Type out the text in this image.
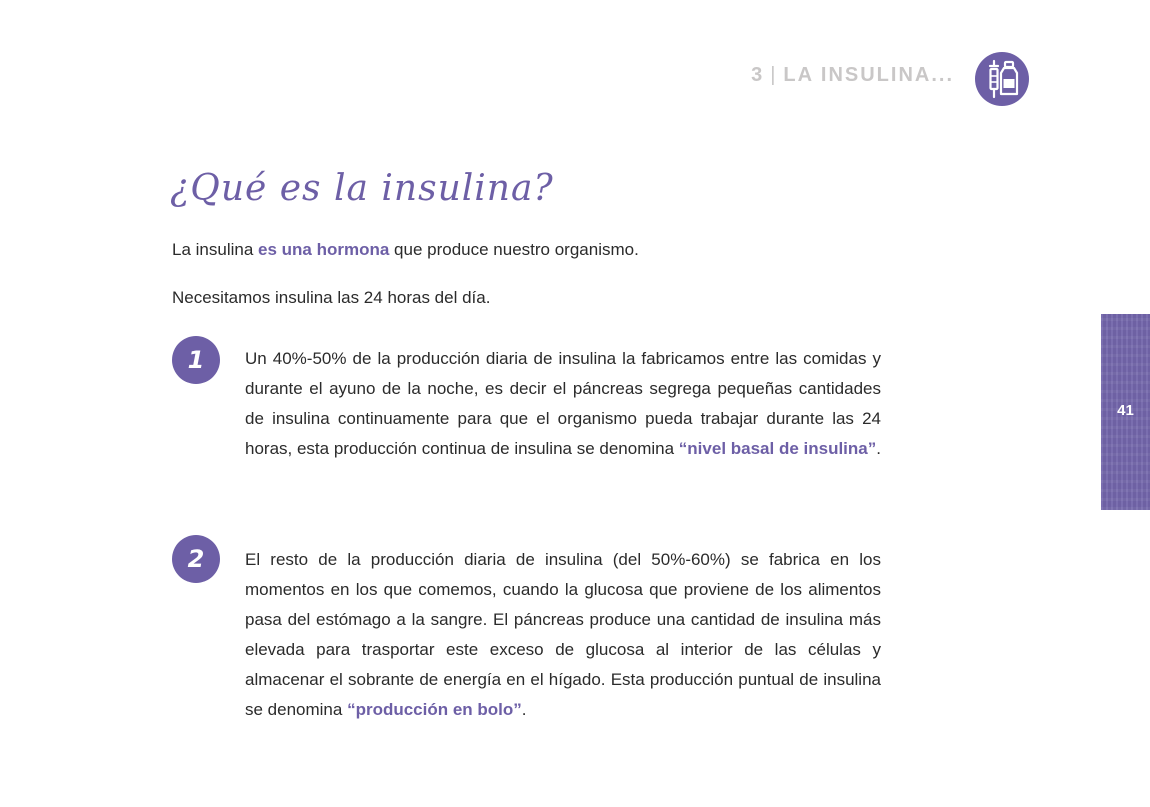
3 | LA INSULINA...
¿Qué es la insulina?
La insulina es una hormona que produce nuestro organismo.
Necesitamos insulina las 24 horas del día.
1	Un 40%-50% de la producción diaria de insulina la fabricamos entre las comidas y durante el ayuno de la noche, es decir el páncreas segrega pequeñas cantidades de insulina continuamente para que el organismo pueda trabajar durante las 24 horas, esta producción continua de insulina se denomina “nivel basal de insulina”.
2	El resto de la producción diaria de insulina (del 50%-60%) se fabrica en los momentos en los que comemos, cuando la glucosa que proviene de los alimentos pasa del estómago a la sangre. El páncreas produce una cantidad de insulina más elevada para trasportar este exceso de glucosa al interior de las células y almacenar el sobrante de energía en el hígado. Esta producción puntual de insulina se denomina “producción en bolo”.
41
